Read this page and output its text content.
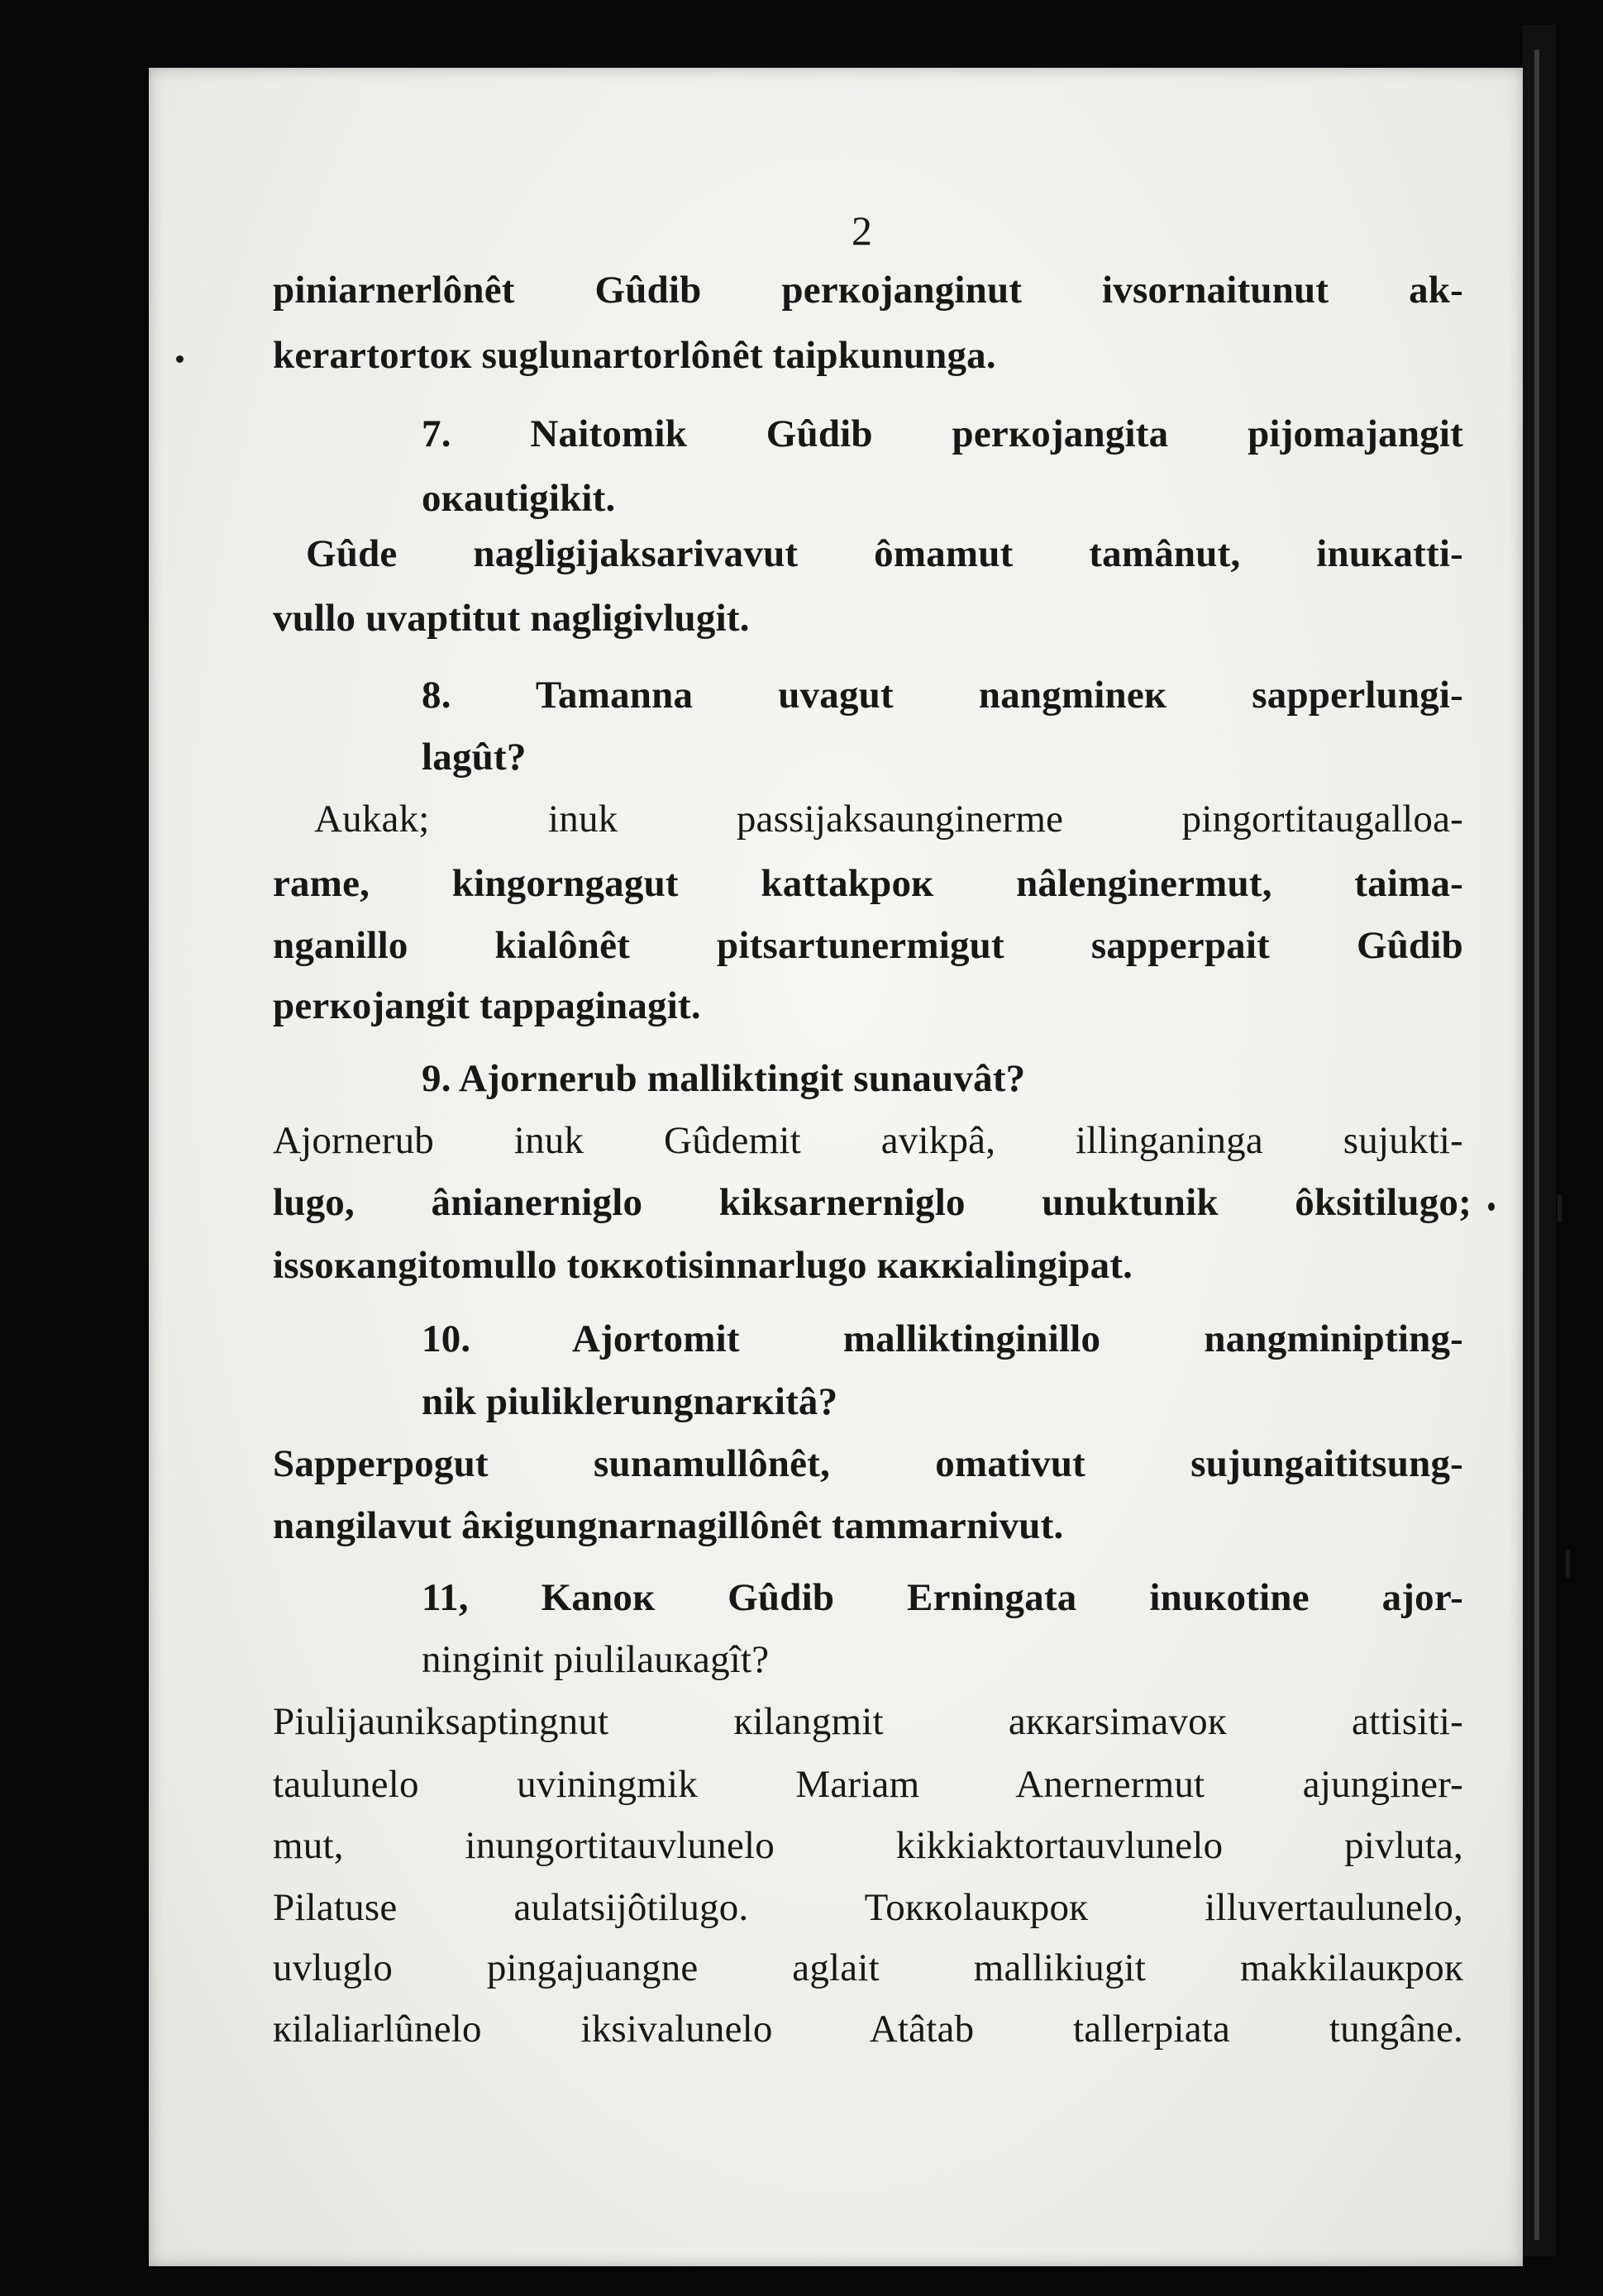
2
piniarnerlônêt Gûdib perкojanginut ivsornaitunut ak-
kerartortoк suglunartorlônêt taipkununga.
7. Naitomik Gûdib perкojangita pijomajangit
oкautigikit.
Gûde nagligijaksarivavut ômamut tamânut, inuкatti-
vullo uvaptitut nagligivlugit.
8. Tamanna uvagut nangmineк sapperlungi-
lagût?
Aukak; inuk passijaksaunginerme pingortitaugalloa-
rame, kingorngagut kattakpoк nâlenginermut, taima-
nganillo kialônêt pitsartunermigut sapperpait Gûdib
perкojangit tappaginagit.
9. Ajornerub malliktingit sunauvât?
Ajornerub inuk Gûdemit avikpâ, illinganinga sujukti-
lugo, ânianerniglo kiksarnerniglo unuktunik ôksitilugo;
issoкangitomullo toккotisinnarlugo каккialingipat.
10. Ajortomit malliktinginillo nangminipting-
nik piuliklerungnarкitâ?
Sapperpogut sunamullônêt, omativut sujungaititsung-
nangilavut âкigungnarnagillônêt tammarnivut.
11, Kanoк Gûdib Erningata inuкotine ajor-
ninginit piulilauкagît?
Piulijauniksaptingnut кilangmit aккarsimavoк attisiti-
taulunelo uviningmik Mariam Anernermut ajunginer-
mut, inungortitauvlunelo kikkiaktortauvlunelo pivluta,
Pilatuse aulatsijôtilugo. Toккolauкpoк illuvertaulunelo,
uvluglo pingajuangne aglait mallikiugit makkilauкpoк
кilaliarlûnelo iksivalunelo Atâtab tallerpiata tungâne.
